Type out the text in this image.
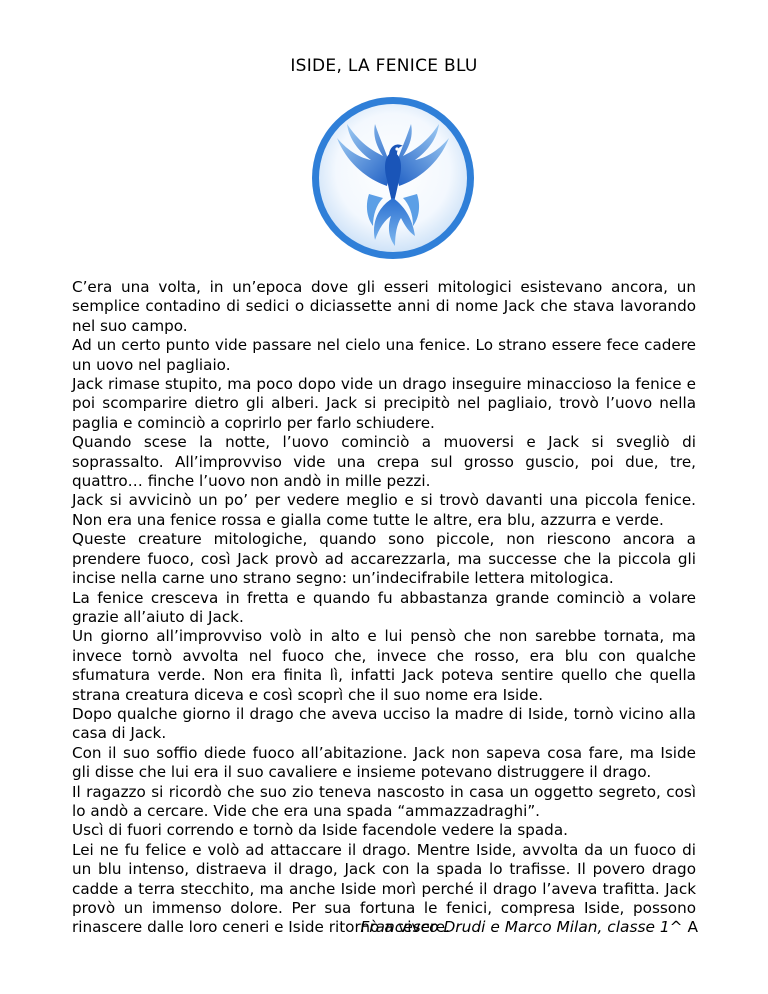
ISIDE, LA FENICE BLU

C’era una volta, in un’epoca dove gli esseri mitologici esistevano ancora, un semplice contadino di sedici o diciassette anni di nome Jack che stava lavorando nel suo campo.

Ad un certo punto vide passare nel cielo una fenice. Lo strano essere fece cadere un uovo nel pagliaio.

Jack rimase stupito, ma poco dopo vide un drago inseguire minaccioso la fenice e poi scomparire dietro gli alberi. Jack si precipitò nel pagliaio, trovò l’uovo nella paglia e cominciò a coprirlo per farlo schiudere.

Quando scese la notte, l’uovo cominciò a muoversi e Jack si svegliò di soprassalto. All’improvviso vide una crepa sul grosso guscio, poi due, tre, quattro… finche l’uovo non andò in mille pezzi.

Jack si avvicinò un po’ per vedere meglio e si trovò davanti una piccola fenice. Non era una fenice rossa e gialla come tutte le altre, era blu, azzurra e verde.

Queste creature mitologiche, quando sono piccole, non riescono ancora a prendere fuoco, così Jack provò ad accarezzarla, ma successe che la piccola gli incise nella carne uno strano segno: un’indecifrabile lettera mitologica.

La fenice cresceva in fretta e quando fu abbastanza grande cominciò a volare grazie all’aiuto di Jack.

Un giorno all’improvviso volò in alto e lui pensò che non sarebbe tornata, ma invece tornò avvolta nel fuoco che, invece che rosso, era blu con qualche sfumatura verde. Non era finita lì, infatti Jack poteva sentire quello che quella strana creatura diceva e così scoprì che il suo nome era Iside.

Dopo qualche giorno il drago che aveva ucciso la madre di Iside, tornò vicino alla casa di Jack.

Con il suo soffio diede fuoco all’abitazione. Jack non sapeva cosa fare, ma Iside gli disse che lui era il suo cavaliere e insieme potevano distruggere il drago.

Il ragazzo si ricordò che suo zio teneva nascosto in casa un oggetto segreto, così lo andò a cercare. Vide che era una spada “ammazzadraghi”.

Uscì di fuori correndo e tornò da Iside facendole vedere la spada.

Lei ne fu felice e volò ad attaccare il drago. Mentre Iside, avvolta da un fuoco di un blu intenso, distraeva il drago, Jack con la spada lo trafisse. Il povero drago cadde a terra stecchito, ma anche Iside morì perché il drago l’aveva trafitta. Jack provò un immenso dolore. Per sua fortuna le fenici, compresa Iside, possono rinascere dalle loro ceneri e Iside ritornò a vivere.

Francesco Drudi e Marco Milan, classe 1^ A
